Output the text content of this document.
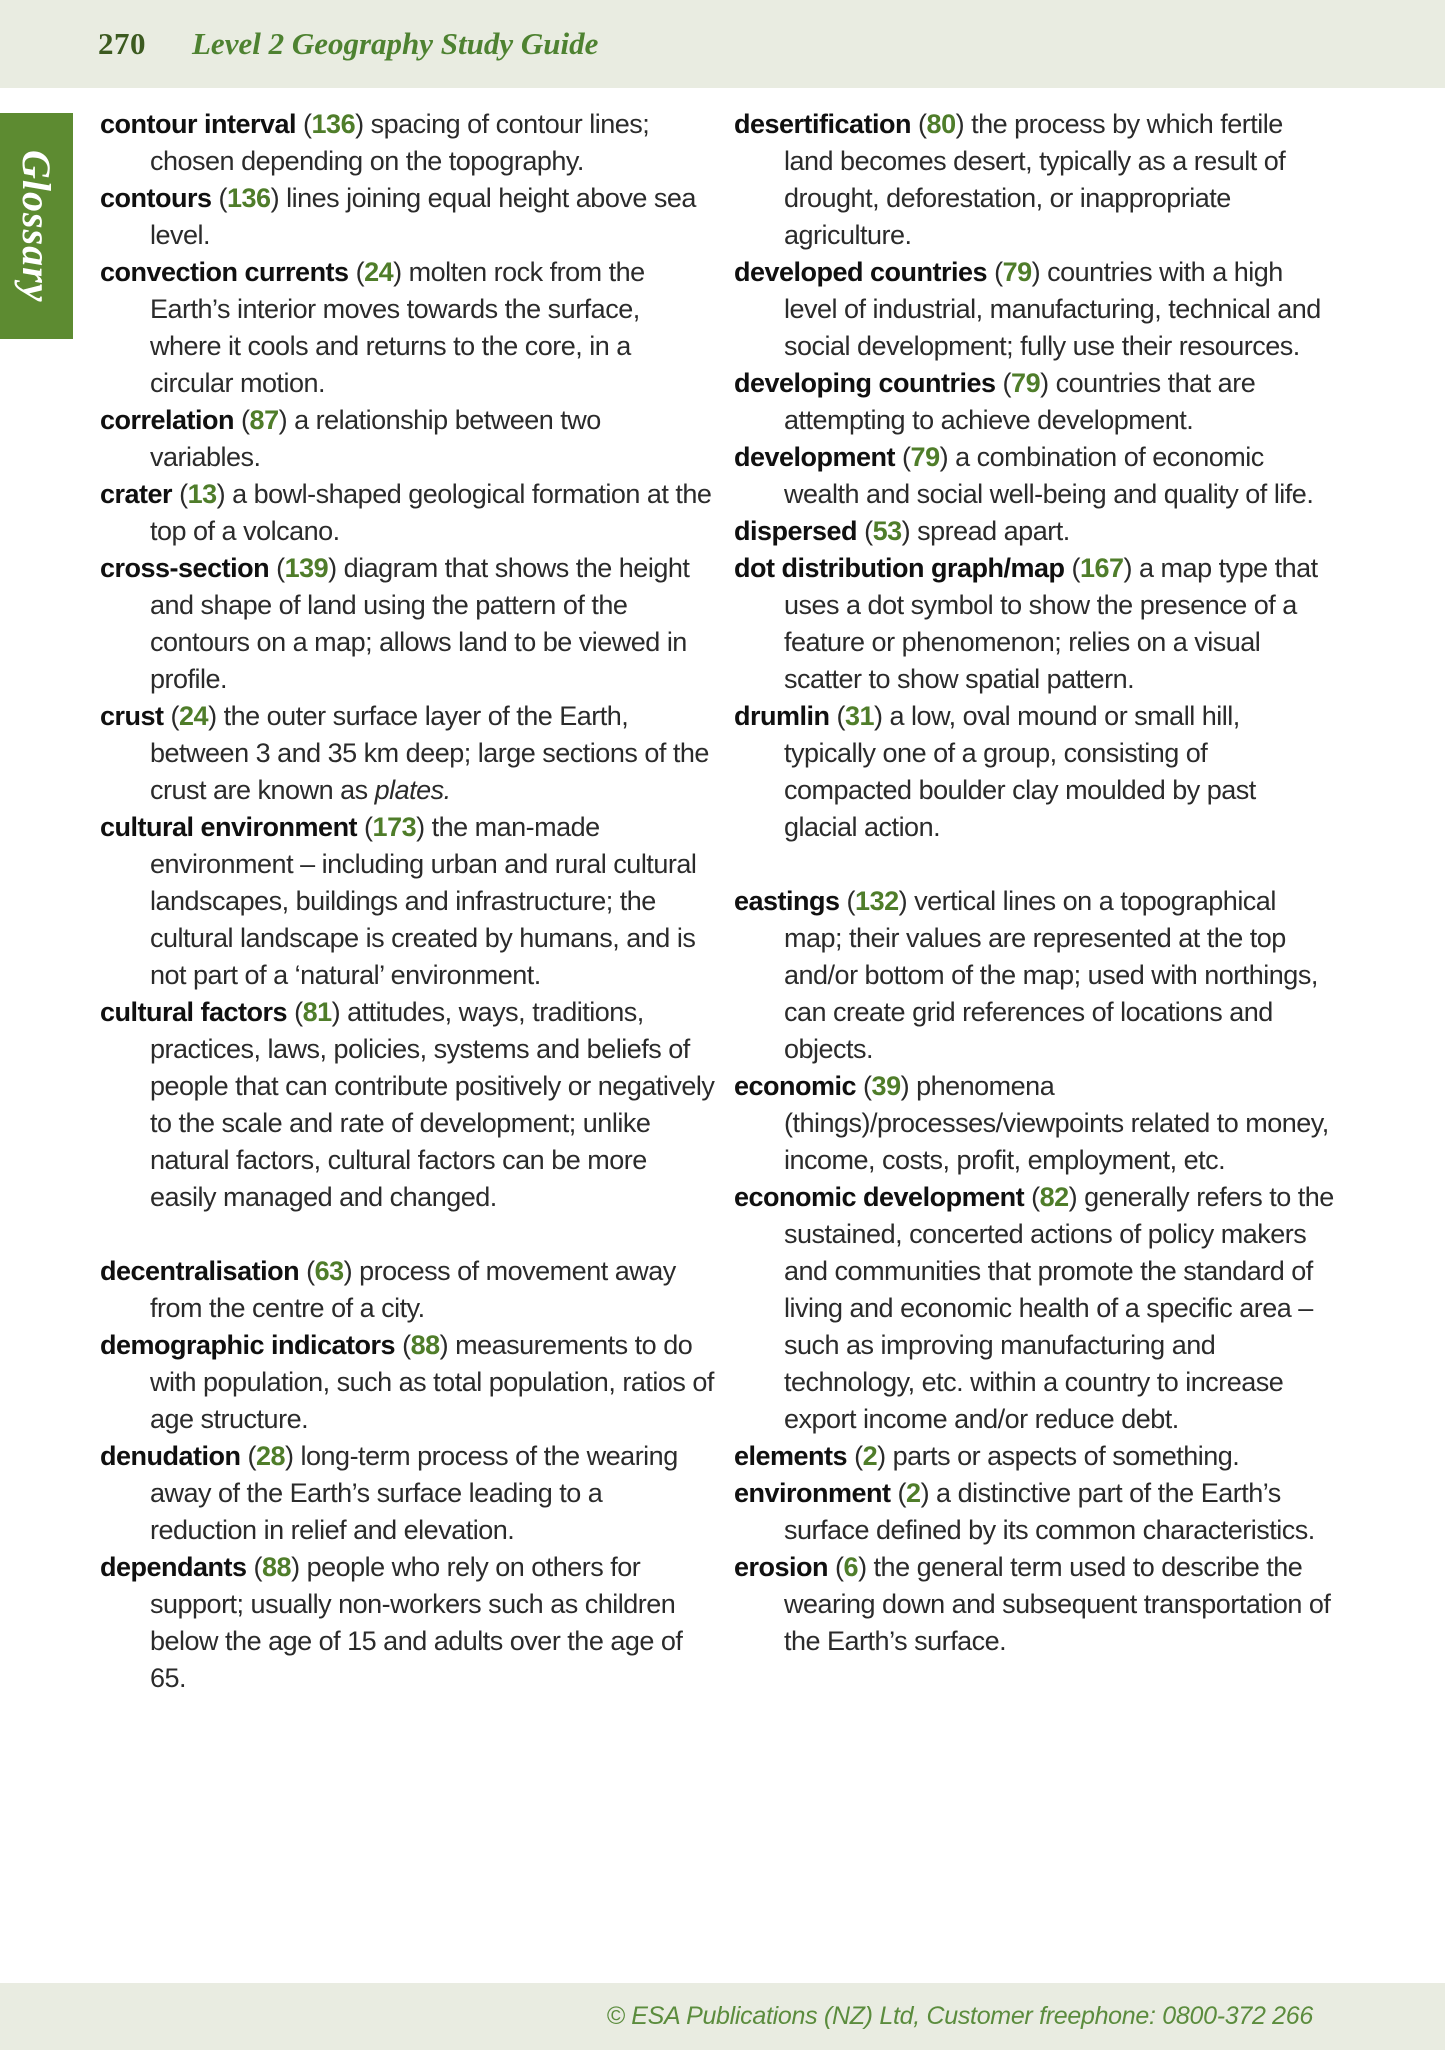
270 Level 2 Geography Study Guide
Glossary

contour interval (136) spacing of contour lines; chosen depending on the topography.

contours (136) lines joining equal height above sea level.

convection currents (24) molten rock from the Earth’s interior moves towards the surface, where it cools and returns to the core, in a circular motion.

correlation (87) a relationship between two variables.

crater (13) a bowl-shaped geological formation at the top of a volcano.

cross-section (139) diagram that shows the height and shape of land using the pattern of the contours on a map; allows land to be viewed in profile.

crust (24) the outer surface layer of the Earth, between 3 and 35 km deep; large sections of the crust are known as plates.

cultural environment (173) the man-made environment – including urban and rural cultural landscapes, buildings and infrastructure; the cultural landscape is created by humans, and is not part of a ‘natural’ environment.

cultural factors (81) attitudes, ways, traditions, practices, laws, policies, systems and beliefs of people that can contribute positively or negatively to the scale and rate of development; unlike natural factors, cultural factors can be more easily managed and changed.

decentralisation (63) process of movement away from the centre of a city.

demographic indicators (88) measurements to do with population, such as total population, ratios of age structure.

denudation (28) long-term process of the wearing away of the Earth’s surface leading to a reduction in relief and elevation.

dependants (88) people who rely on others for support; usually non-workers such as children below the age of 15 and adults over the age of 65.

desertification (80) the process by which fertile land becomes desert, typically as a result of drought, deforestation, or inappropriate agriculture.

developed countries (79) countries with a high level of industrial, manufacturing, technical and social development; fully use their resources.

developing countries (79) countries that are attempting to achieve development.

development (79) a combination of economic wealth and social well-being and quality of life.

dispersed (53) spread apart.

dot distribution graph/map (167) a map type that uses a dot symbol to show the presence of a feature or phenomenon; relies on a visual scatter to show spatial pattern.

drumlin (31) a low, oval mound or small hill, typically one of a group, consisting of compacted boulder clay moulded by past glacial action.

eastings (132) vertical lines on a topographical map; their values are represented at the top and/or bottom of the map; used with northings, can create grid references of locations and objects.

economic (39) phenomena (things)/processes/viewpoints related to money, income, costs, profit, employment, etc.

economic development (82) generally refers to the sustained, concerted actions of policy makers and communities that promote the standard of living and economic health of a specific area – such as improving manufacturing and technology, etc. within a country to increase export income and/or reduce debt.

elements (2) parts or aspects of something.

environment (2) a distinctive part of the Earth’s surface defined by its common characteristics.

erosion (6) the general term used to describe the wearing down and subsequent transportation of the Earth’s surface.

© ESA Publications (NZ) Ltd, Customer freephone: 0800-372 266
